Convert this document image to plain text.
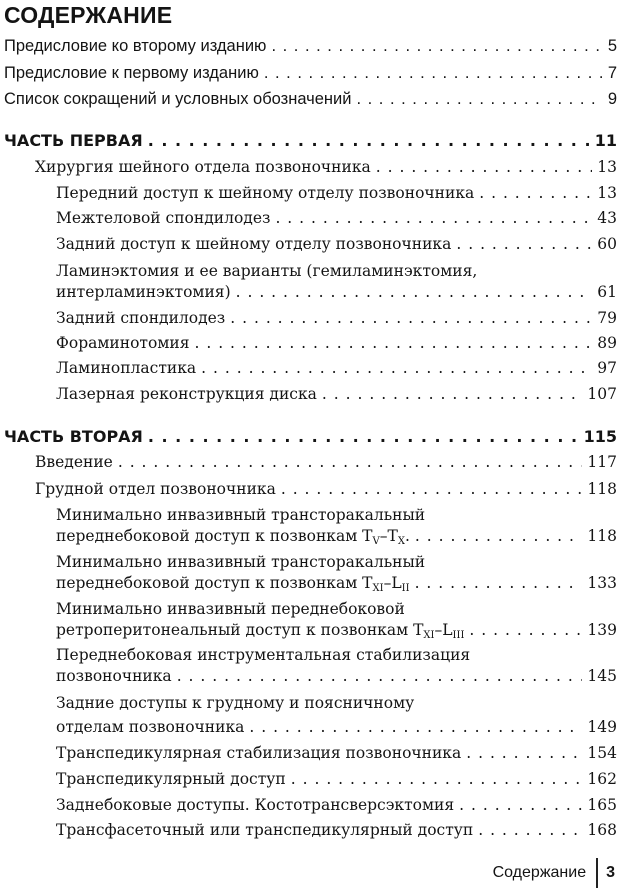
СОДЕРЖАНИЕ
Предисловие ко второму изданию . . .	5
Предисловие к первому изданию . . .	7
Список сокращений и условных обозначений . . .	9
ЧАСТЬ ПЕРВАЯ . . .	11
Хирургия шейного отдела позвоночника . . .	13
Передний доступ к шейному отделу позвоночника . . .	13
Межтеловой спондилодез . . .	43
Задний доступ к шейному отделу позвоночника . . .	60
Ламинэктомия и ее варианты (гемиламинэктомия,
интерламинэктомия) . . .	61
Задний спондилодез . . .	79
Фораминотомия . . .	89
Ламинопластика . . .	97
Лазерная реконструкция диска . . .	107
ЧАСТЬ ВТОРАЯ . . .	115
Введение . . .	117
Грудной отдел позвоночника . . .	118
Минимально инвазивный трансторакальный
переднебоковой доступ к позвонкам $T_V-T_X$. . . .	118
Минимально инвазивный трансторакальный
переднебоковой доступ к позвонкам $T_{XI}-L_{II}$ . . .	133
Минимально инвазивный переднебоковой
ретроперитонеальный доступ к позвонкам $T_{XI}-L_{III}$ . . .	139
Переднебоковая инструментальная стабилизация
позвоночника . . .	145
Задние доступы к грудному и поясничному
отделам позвоночника . . .	149
Транспедикулярная стабилизация позвоночника . . .	154
Транспедикулярный доступ . . .	162
Заднебоковые доступы. Костотрансверсэктомия . . .	165
Трансфасеточный или транспедикулярный доступ . . .	168
Содержание 3
